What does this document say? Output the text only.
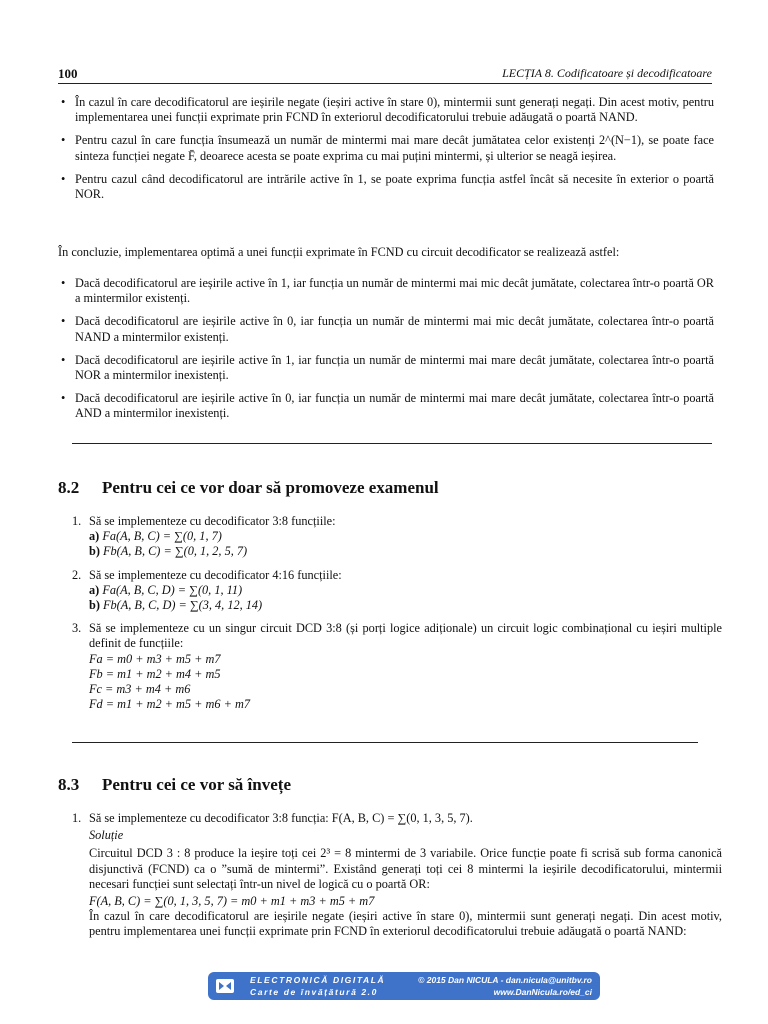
100	LECȚIA 8. Codificatoare și decodificatoare
• În cazul în care decodificatorul are ieșirile negate (ieșiri active în stare 0), mintermii sunt generați negați. Din acest motiv, pentru implementarea unei funcții exprimate prin FCND în exteriorul decodificatorului trebuie adăugată o poartă NAND.
• Pentru cazul în care funcția însumează un număr de mintermi mai mare decât jumătatea celor existenți 2^(N−1), se poate face sinteza funcției negate F̄, deoarece acesta se poate exprima cu mai puțini mintermi, și ulterior se neagă ieșirea.
• Pentru cazul când decodificatorul are intrările active în 1, se poate exprima funcția astfel încât să necesite în exterior o poartă NOR.
În concluzie, implementarea optimă a unei funcții exprimate în FCND cu circuit decodificator se realizează astfel:
• Dacă decodificatorul are ieșirile active în 1, iar funcția un număr de mintermi mai mic decât jumătate, colectarea într-o poartă OR a mintermilor existenți.
• Dacă decodificatorul are ieșirile active în 0, iar funcția un număr de mintermi mai mic decât jumătate, colectarea într-o poartă NAND a mintermilor existenți.
• Dacă decodificatorul are ieșirile active în 1, iar funcția un număr de mintermi mai mare decât jumătate, colectarea într-o poartă NOR a mintermilor inexistenți.
• Dacă decodificatorul are ieșirile active în 0, iar funcția un număr de mintermi mai mare decât jumătate, colectarea într-o poartă AND a mintermilor inexistenți.
8.2 Pentru cei ce vor doar să promoveze examenul
1. Să se implementeze cu decodificator 3:8 funcțiile:
a) Fa(A, B, C) = ∑(0, 1, 7)
b) Fb(A, B, C) = ∑(0, 1, 2, 5, 7)
2. Să se implementeze cu decodificator 4:16 funcțiile:
a) Fa(A, B, C, D) = ∑(0, 1, 11)
b) Fb(A, B, C, D) = ∑(3, 4, 12, 14)
3. Să se implementeze cu un singur circuit DCD 3:8 (și porți logice adiționale) un circuit logic combinațional cu ieșiri multiple definit de funcțiile:
Fa = m0 + m3 + m5 + m7
Fb = m1 + m2 + m4 + m5
Fc = m3 + m4 + m6
Fd = m1 + m2 + m5 + m6 + m7
8.3 Pentru cei ce vor să învețe
1. Să se implementeze cu decodificator 3:8 funcția: F(A, B, C) = ∑(0, 1, 3, 5, 7).
Soluție
Circuitul DCD 3 : 8 produce la ieșire toți cei 2³ = 8 mintermi de 3 variabile. Orice funcție poate fi scrisă sub forma canonică disjunctivă (FCND) ca o ”sumă de mintermi”. Existând generați toți cei 8 mintermi la ieșirile decodificatorului, mintermii necesari funcției sunt selectați într-un nivel de logică cu o poartă OR:
F(A, B, C) = ∑(0, 1, 3, 5, 7) = m0 + m1 + m3 + m5 + m7
În cazul în care decodificatorul are ieșirile negate (ieșiri active în stare 0), mintermii sunt generați negați. Din acest motiv, pentru implementarea unei funcții exprimate prin FCND în exteriorul decodificatorului trebuie adăugată o poartă NAND:
ELECTRONICĂ DIGITALĂ
Carte de învățătură 2.0
© 2015 Dan NICULA - dan.nicula@unitbv.ro
www.DanNicula.ro/ed_ci
